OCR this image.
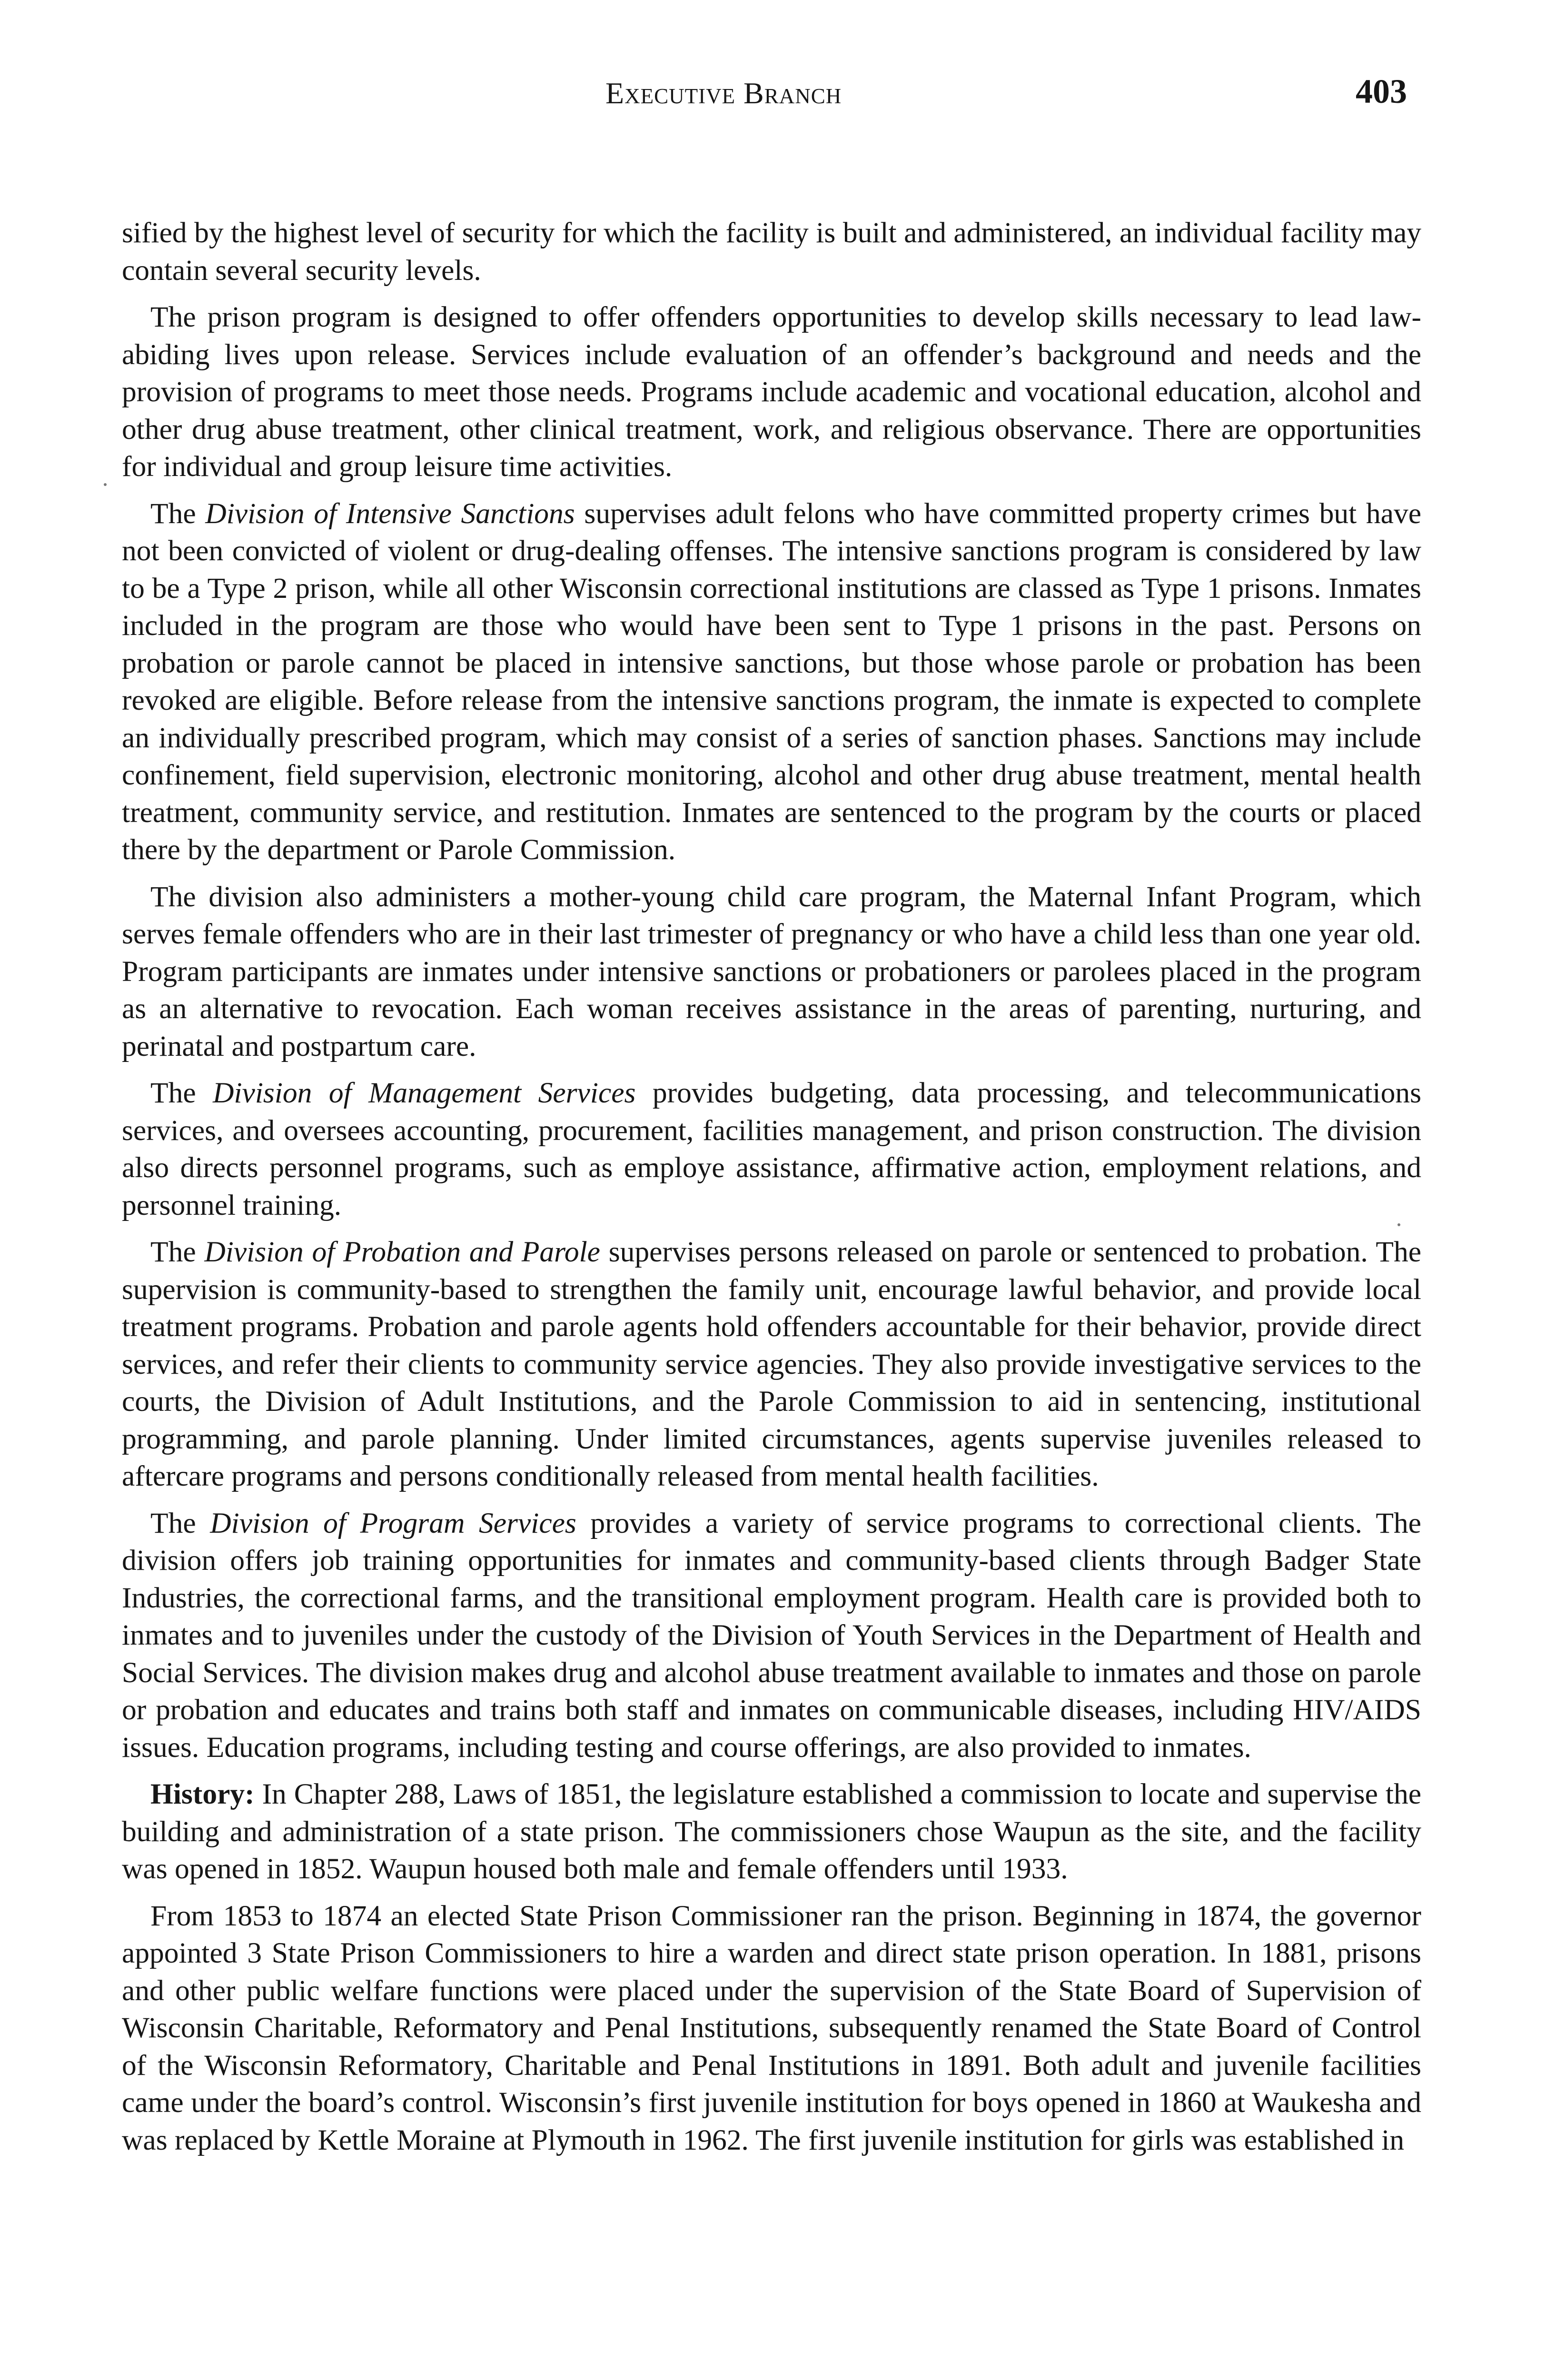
Executive Branch	403

sified by the highest level of security for which the facility is built and administered, an individual facility may contain several security levels.

The prison program is designed to offer offenders opportunities to develop skills necessary to lead law-abiding lives upon release. Services include evaluation of an offender’s background and needs and the provision of programs to meet those needs. Programs include academic and vocational education, alcohol and other drug abuse treatment, other clinical treatment, work, and religious observance. There are opportunities for individual and group leisure time activities.

The Division of Intensive Sanctions supervises adult felons who have committed property crimes but have not been convicted of violent or drug-dealing offenses. The intensive sanctions program is considered by law to be a Type 2 prison, while all other Wisconsin correctional institutions are classed as Type 1 prisons. Inmates included in the program are those who would have been sent to Type 1 prisons in the past. Persons on probation or parole cannot be placed in intensive sanctions, but those whose parole or probation has been revoked are eligible. Before release from the intensive sanctions program, the inmate is expected to complete an individually prescribed program, which may consist of a series of sanction phases. Sanctions may include confinement, field supervision, electronic monitoring, alcohol and other drug abuse treatment, mental health treatment, community service, and restitution. Inmates are sentenced to the program by the courts or placed there by the department or Parole Commission.

The division also administers a mother-young child care program, the Maternal Infant Program, which serves female offenders who are in their last trimester of pregnancy or who have a child less than one year old. Program participants are inmates under intensive sanctions or probationers or parolees placed in the program as an alternative to revocation. Each woman receives assistance in the areas of parenting, nurturing, and perinatal and postpartum care.

The Division of Management Services provides budgeting, data processing, and telecommunications services, and oversees accounting, procurement, facilities management, and prison construction. The division also directs personnel programs, such as employe assistance, affirmative action, employment relations, and personnel training.

The Division of Probation and Parole supervises persons released on parole or sentenced to probation. The supervision is community-based to strengthen the family unit, encourage lawful behavior, and provide local treatment programs. Probation and parole agents hold offenders accountable for their behavior, provide direct services, and refer their clients to community service agencies. They also provide investigative services to the courts, the Division of Adult Institutions, and the Parole Commission to aid in sentencing, institutional programming, and parole planning. Under limited circumstances, agents supervise juveniles released to aftercare programs and persons conditionally released from mental health facilities.

The Division of Program Services provides a variety of service programs to correctional clients. The division offers job training opportunities for inmates and community-based clients through Badger State Industries, the correctional farms, and the transitional employment program. Health care is provided both to inmates and to juveniles under the custody of the Division of Youth Services in the Department of Health and Social Services. The division makes drug and alcohol abuse treatment available to inmates and those on parole or probation and educates and trains both staff and inmates on communicable diseases, including HIV/AIDS issues. Education programs, including testing and course offerings, are also provided to inmates.

History: In Chapter 288, Laws of 1851, the legislature established a commission to locate and supervise the building and administration of a state prison. The commissioners chose Waupun as the site, and the facility was opened in 1852. Waupun housed both male and female offenders until 1933.

From 1853 to 1874 an elected State Prison Commissioner ran the prison. Beginning in 1874, the governor appointed 3 State Prison Commissioners to hire a warden and direct state prison operation. In 1881, prisons and other public welfare functions were placed under the supervision of the State Board of Supervision of Wisconsin Charitable, Reformatory and Penal Institutions, subsequently renamed the State Board of Control of the Wisconsin Reformatory, Charitable and Penal Institutions in 1891. Both adult and juvenile facilities came under the board’s control. Wisconsin’s first juvenile institution for boys opened in 1860 at Waukesha and was replaced by Kettle Moraine at Plymouth in 1962. The first juvenile institution for girls was established in
